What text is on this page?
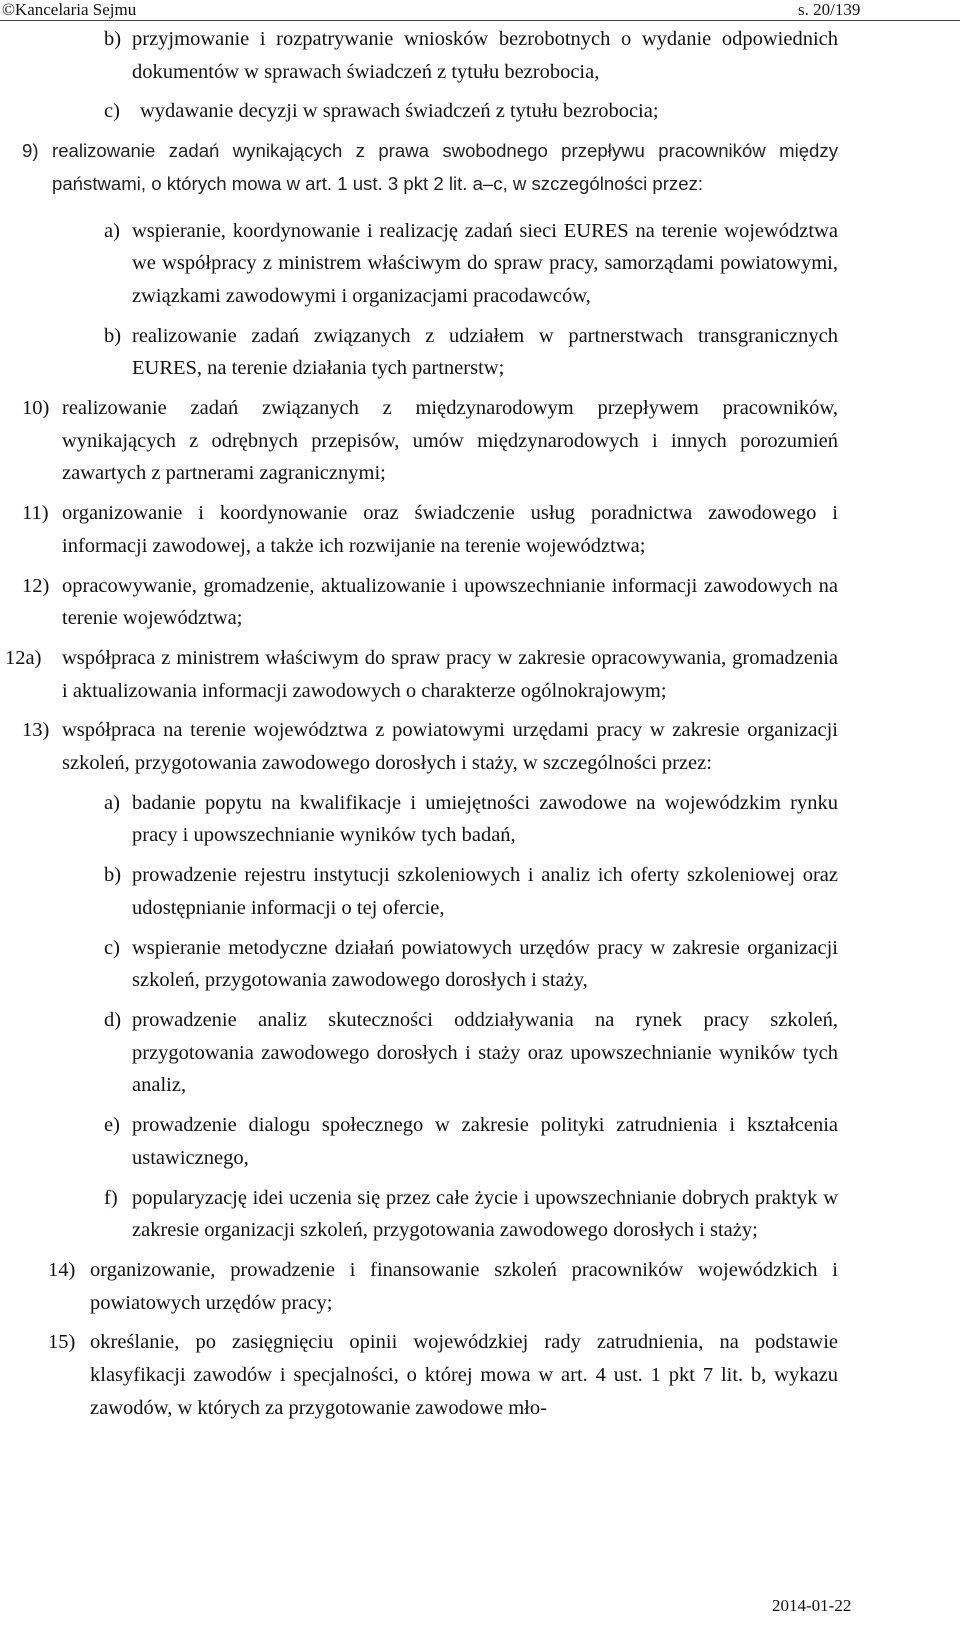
©Kancelaria Sejmu	s. 20/139
b) przyjmowanie i rozpatrywanie wniosków bezrobotnych o wydanie odpowiednich dokumentów w sprawach świadczeń z tytułu bezrobocia,
c) wydawanie decyzji w sprawach świadczeń z tytułu bezrobocia;
9) realizowanie zadań wynikających z prawa swobodnego przepływu pracowników między państwami, o których mowa w art. 1 ust. 3 pkt 2 lit. a–c, w szczególności przez:
a) wspieranie, koordynowanie i realizację zadań sieci EURES na terenie województwa we współpracy z ministrem właściwym do spraw pracy, samorządami powiatowymi, związkami zawodowymi i organizacjami pracodawców,
b) realizowanie zadań związanych z udziałem w partnerstwach transgranicznych EURES, na terenie działania tych partnerstw;
10) realizowanie zadań związanych z międzynarodowym przepływem pracowników, wynikających z odrębnych przepisów, umów międzynarodowych i innych porozumień zawartych z partnerami zagranicznymi;
11) organizowanie i koordynowanie oraz świadczenie usług poradnictwa zawodowego i informacji zawodowej, a także ich rozwijanie na terenie województwa;
12) opracowywanie, gromadzenie, aktualizowanie i upowszechnianie informacji zawodowych na terenie województwa;
12a) współpraca z ministrem właściwym do spraw pracy w zakresie opracowywania, gromadzenia i aktualizowania informacji zawodowych o charakterze ogólnokrajowym;
13) współpraca na terenie województwa z powiatowymi urzędami pracy w zakresie organizacji szkoleń, przygotowania zawodowego dorosłych i staży, w szczególności przez:
a) badanie popytu na kwalifikacje i umiejętności zawodowe na wojewódzkim rynku pracy i upowszechnianie wyników tych badań,
b) prowadzenie rejestru instytucji szkoleniowych i analiz ich oferty szkoleniowej oraz udostępnianie informacji o tej ofercie,
c) wspieranie metodyczne działań powiatowych urzędów pracy w zakresie organizacji szkoleń, przygotowania zawodowego dorosłych i staży,
d) prowadzenie analiz skuteczności oddziaływania na rynek pracy szkoleń, przygotowania zawodowego dorosłych i staży oraz upowszechnianie wyników tych analiz,
e) prowadzenie dialogu społecznego w zakresie polityki zatrudnienia i kształcenia ustawicznego,
f) popularyzację idei uczenia się przez całe życie i upowszechnianie dobrych praktyk w zakresie organizacji szkoleń, przygotowania zawodowego dorosłych i staży;
14) organizowanie, prowadzenie i finansowanie szkoleń pracowników wojewódzkich i powiatowych urzędów pracy;
15) określanie, po zasięgnięciu opinii wojewódzkiej rady zatrudnienia, na podstawie klasyfikacji zawodów i specjalności, o której mowa w art. 4 ust. 1 pkt 7 lit. b, wykazu zawodów, w których za przygotowanie zawodowe mło-
2014-01-22
